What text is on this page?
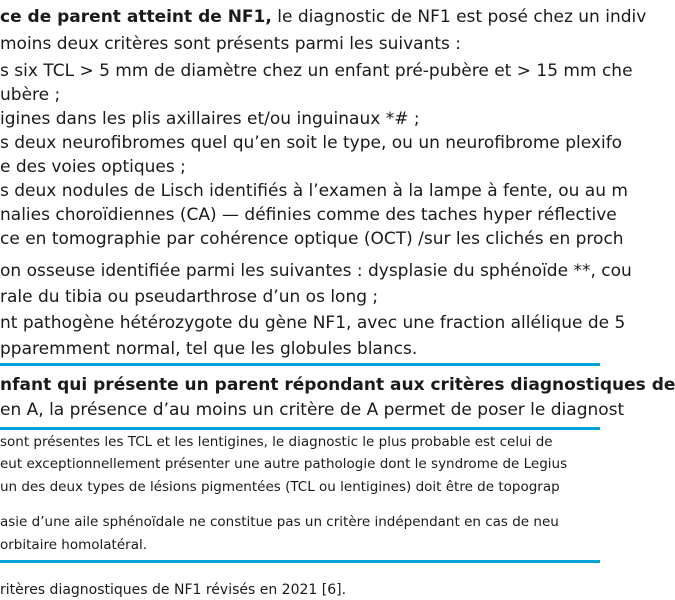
ce de parent atteint de NF1, le diagnostic de NF1 est posé chez un indiv
moins deux critères sont présents parmi les suivants :
s six TCL > 5 mm de diamètre chez un enfant pré-pubère et > 15 mm che
ubère ;
igines dans les plis axillaires et/ou inguinaux *# ;
s deux neurofibromes quel qu’en soit le type, ou un neurofibrome plexifo
e des voies optiques ;
s deux nodules de Lisch identifiés à l’examen à la lampe à fente, ou au m
nalies choroïdiennes (CA) — définies comme des taches hyper réflective
ce en tomographie par cohérence optique (OCT) /sur les clichés en proch
on osseuse identifiée parmi les suivantes : dysplasie du sphénoïde **, cou
rale du tibia ou pseudarthrose d’un os long ;
nt pathogène hétérozygote du gène NF1, avec une fraction allélique de 5
pparemment normal, tel que les globules blancs.
nfant qui présente un parent répondant aux critères diagnostiques de
en A, la présence d’au moins un critère de A permet de poser le diagnost
sont présentes les TCL et les lentigines, le diagnostic le plus probable est celui de
eut exceptionnellement présenter une autre pathologie dont le syndrome de Legius
un des deux types de lésions pigmentées (TCL ou lentigines) doit être de topograp
asie d’une aile sphénoïdale ne constitue pas un critère indépendant en cas de neu
orbitaire homolatéral.
ritères diagnostiques de NF1 révisés en 2021 [6].
